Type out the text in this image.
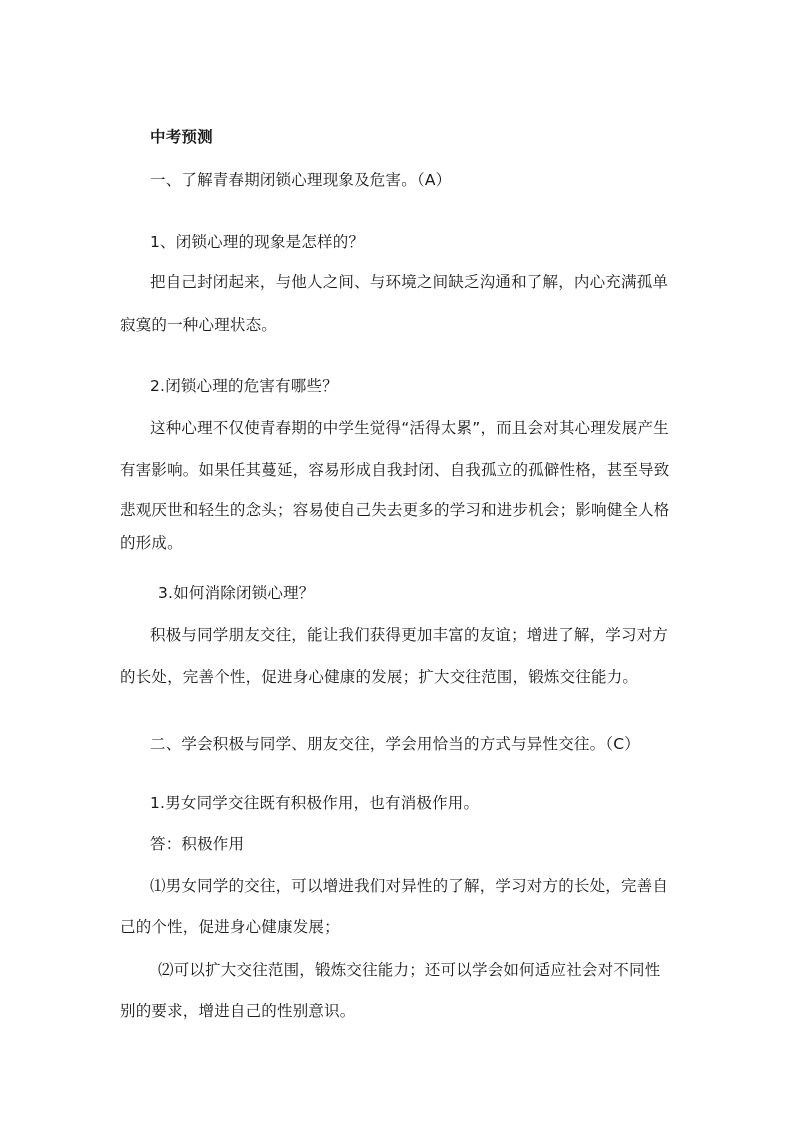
中考预测
一、了解青春期闭锁心理现象及危害。（A）
1、闭锁心理的现象是怎样的？
把自己封闭起来，与他人之间、与环境之间缺乏沟通和了解，内心充满孤单
寂寞的一种心理状态。
2.闭锁心理的危害有哪些？
这种心理不仅使青春期的中学生觉得“活得太累”，而且会对其心理发展产生
有害影响。如果任其蔓延，容易形成自我封闭、自我孤立的孤僻性格，甚至导致
悲观厌世和轻生的念头；容易使自己失去更多的学习和进步机会；影响健全人格
的形成。
3.如何消除闭锁心理？
积极与同学朋友交往，能让我们获得更加丰富的友谊；增进了解，学习对方
的长处，完善个性，促进身心健康的发展；扩大交往范围，锻炼交往能力。
二、学会积极与同学、朋友交往，学会用恰当的方式与异性交往。（C）
1.男女同学交往既有积极作用，也有消极作用。
答：积极作用
⑴男女同学的交往，可以增进我们对异性的了解，学习对方的长处，完善自
己的个性，促进身心健康发展；
⑵可以扩大交往范围，锻炼交往能力；还可以学会如何适应社会对不同性
别的要求，增进自己的性别意识。
